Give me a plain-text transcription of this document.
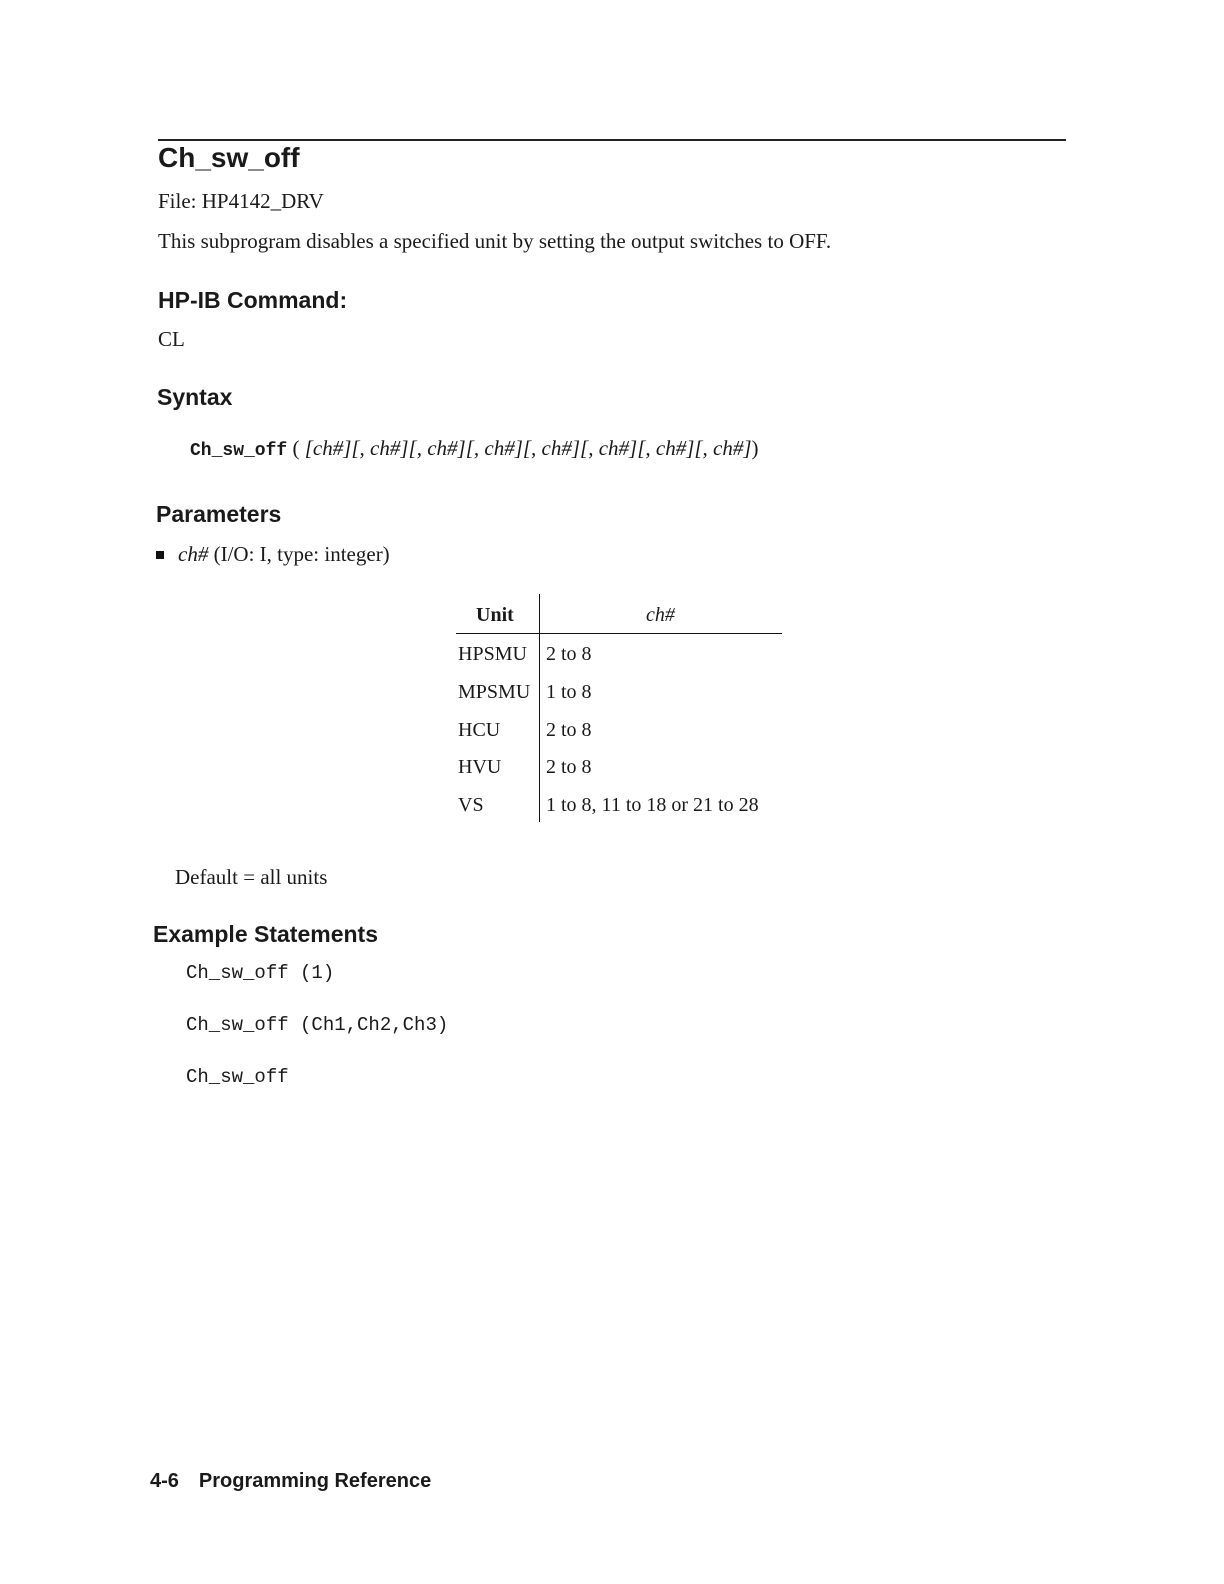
Ch_sw_off
File: HP4142_DRV
This subprogram disables a specified unit by setting the output switches to OFF.
HP-IB Command:
CL
Syntax
Ch_sw_off ( [ch#][, ch#][, ch#][, ch#][, ch#][, ch#][, ch#][, ch#])
Parameters
ch# (I/O: I, type: integer)
Unit	ch#
HPSMU 2 to 8
MPSMU 1 to 8
HCU 2 to 8
HVU 2 to 8
VS	1 to 8, 11 to 18 or 21 to 28
Default = all units
Example Statements
Ch_sw_off (1)
Ch_sw_off (Ch1,Ch2,Ch3)
Ch_sw_off
4-6 Programming Reference
